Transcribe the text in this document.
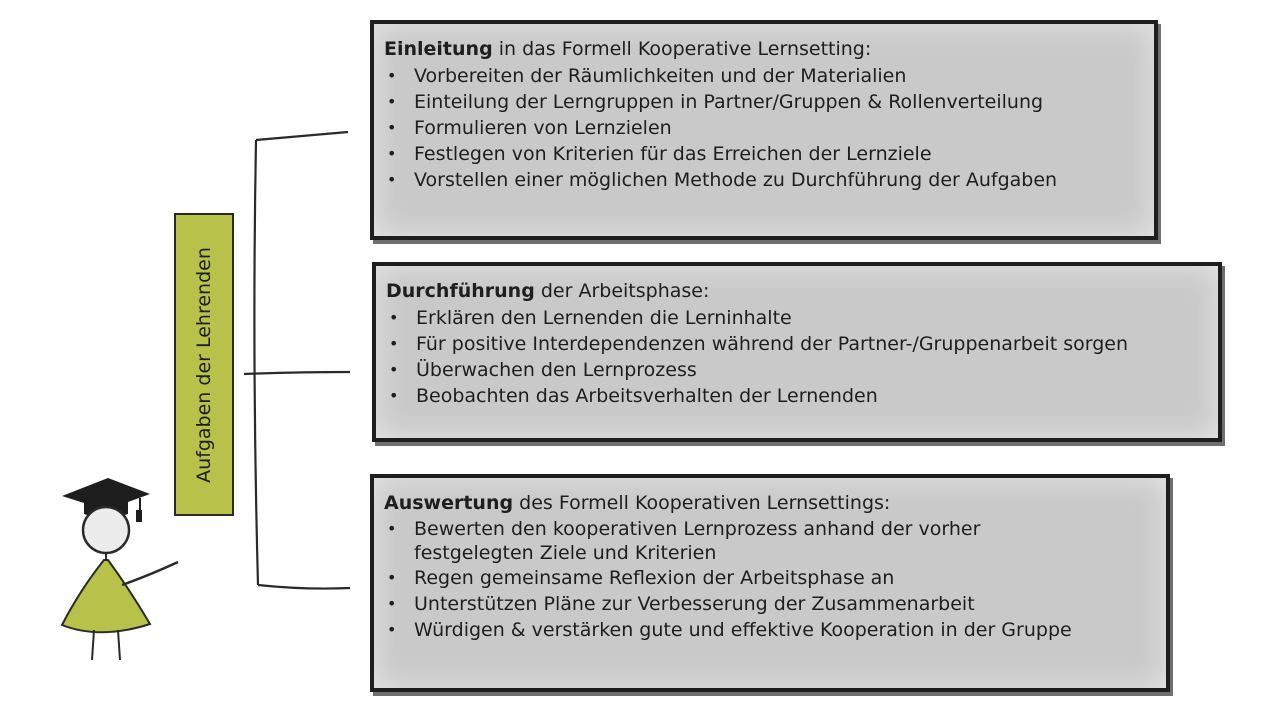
Aufgaben der Lehrenden
Einleitung in das Formell Kooperative Lernsetting:
• Vorbereiten der Räumlichkeiten und der Materialien
• Einteilung der Lerngruppen in Partner/Gruppen & Rollenverteilung
• Formulieren von Lernzielen
• Festlegen von Kriterien für das Erreichen der Lernziele
• Vorstellen einer möglichen Methode zu Durchführung der Aufgaben
Durchführung der Arbeitsphase:
• Erklären den Lernenden die Lerninhalte
• Für positive Interdependenzen während der Partner-/Gruppenarbeit sorgen
• Überwachen den Lernprozess
• Beobachten das Arbeitsverhalten der Lernenden
Auswertung des Formell Kooperativen Lernsettings:
• Bewerten den kooperativen Lernprozess anhand der vorher festgelegten Ziele und Kriterien
• Regen gemeinsame Reflexion der Arbeitsphase an
• Unterstützen Pläne zur Verbesserung der Zusammenarbeit
• Würdigen & verstärken gute und effektive Kooperation in der Gruppe
